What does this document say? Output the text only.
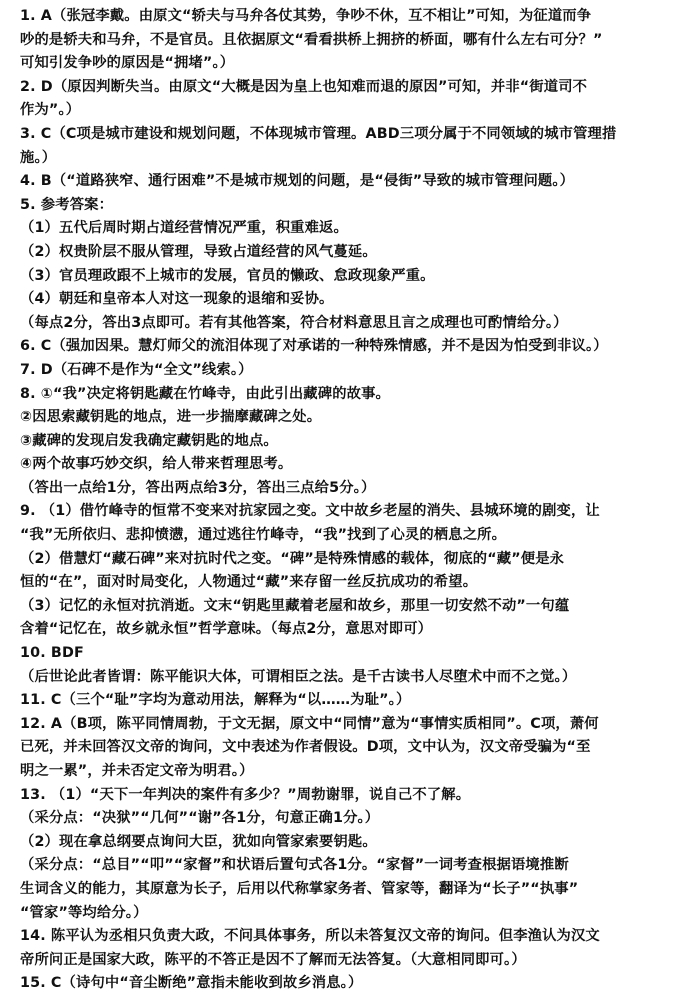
1. A（张冠李戴。由原文“轿夫与马弁各仗其势，争吵不休，互不相让”可知，为征道而争
吵的是轿夫和马弁，不是官员。且依据原文“看看拱桥上拥挤的桥面，哪有什么左右可分？”
可知引发争吵的原因是“拥堵”。）
2. D（原因判断失当。由原文“大概是因为皇上也知难而退的原因”可知，并非“街道司不
作为”。）
3. C（C项是城市建设和规划问题，不体现城市管理。ABD三项分属于不同领域的城市管理措
施。）
4. B（“道路狭窄、通行困难”不是城市规划的问题，是“侵街”导致的城市管理问题。）
5. 参考答案：
（1）五代后周时期占道经营情况严重，积重难返。
（2）权贵阶层不服从管理，导致占道经营的风气蔓延。
（3）官员理政跟不上城市的发展，官员的懒政、怠政现象严重。
（4）朝廷和皇帝本人对这一现象的退缩和妥协。
（每点2分，答出3点即可。若有其他答案，符合材料意思且言之成理也可酌情给分。）
6. C（强加因果。慧灯师父的流泪体现了对承诺的一种特殊情感，并不是因为怕受到非议。）
7. D（石碑不是作为“全文”线索。）
8. ①“我”决定将钥匙藏在竹峰寺，由此引出藏碑的故事。
②因思索藏钥匙的地点，进一步揣摩藏碑之处。
③藏碑的发现启发我确定藏钥匙的地点。
④两个故事巧妙交织，给人带来哲理思考。
（答出一点给1分，答出两点给3分，答出三点给5分。）
9. （1）借竹峰寺的恒常不变来对抗家园之变。文中故乡老屋的消失、县城环境的剧变，让
“我”无所依归、悲抑愤懑，通过逃往竹峰寺，“我”找到了心灵的栖息之所。
（2）借慧灯“藏石碑”来对抗时代之变。“碑”是特殊情感的载体，彻底的“藏”便是永
恒的“在”，面对时局变化，人物通过“藏”来存留一丝反抗成功的希望。
（3）记忆的永恒对抗消逝。文末“钥匙里藏着老屋和故乡，那里一切安然不动”一句蕴
含着“记忆在，故乡就永恒”哲学意味。（每点2分，意思对即可）
10. BDF
（后世论此者皆谓：陈平能识大体，可谓相臣之法。是千古读书人尽堕术中而不之觉。）
11. C（三个“耻”字均为意动用法，解释为“以……为耻”。）
12. A（B项，陈平同情周勃，于文无据，原文中“同情”意为“事情实质相同”。C项，萧何
已死，并未回答汉文帝的询问，文中表述为作者假设。D项，文中认为，汉文帝受骗为“至
明之一累”，并未否定文帝为明君。）
13. （1）“天下一年判决的案件有多少？”周勃谢罪，说自己不了解。
（采分点：“决狱”“几何”“谢”各1分，句意正确1分。）
（2）现在拿总纲要点询问大臣，犹如向管家索要钥匙。
（采分点：“总目”“叩”“家督”和状语后置句式各1分。“家督”一词考查根据语境推断
生词含义的能力，其原意为长子，后用以代称掌家务者、管家等，翻译为“长子”“执事”
“管家”等均给分。）
14. 陈平认为丞相只负责大政，不问具体事务，所以未答复汉文帝的询问。但李渔认为汉文
帝所问正是国家大政，陈平的不答正是因不了解而无法答复。（大意相同即可。）
15. C（诗句中“音尘断绝”意指未能收到故乡消息。）
